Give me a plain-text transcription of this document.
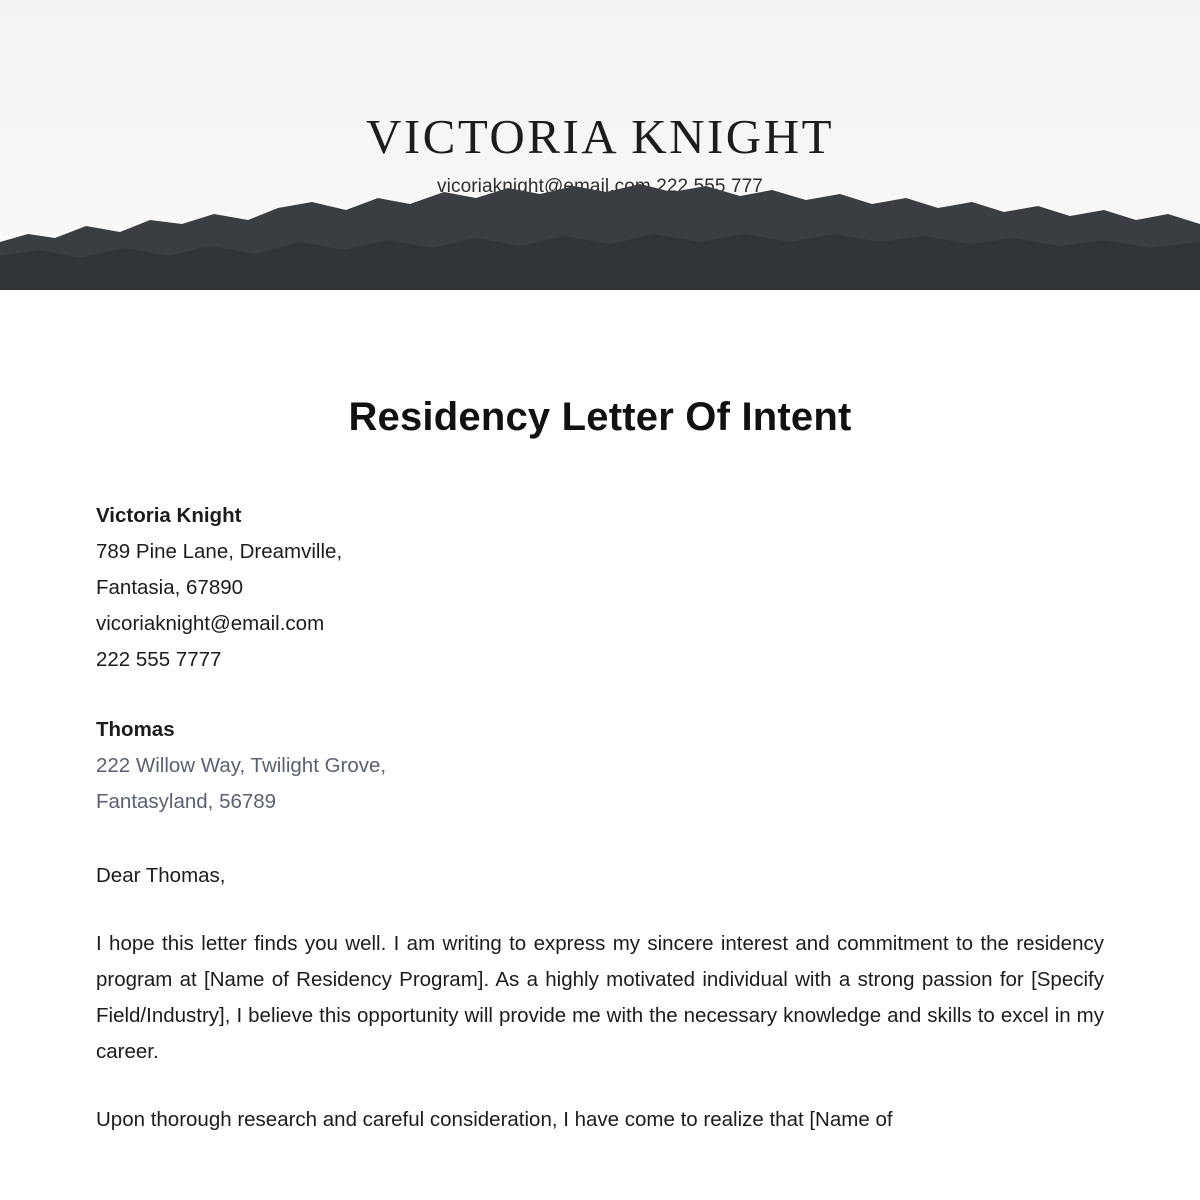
VICTORIA KNIGHT
vicoriaknight@email.com 222 555 777
Residency Letter Of Intent
Victoria Knight
789 Pine Lane, Dreamville,
Fantasia, 67890
vicoriaknight@email.com
222 555 7777
Thomas
222 Willow Way, Twilight Grove,
Fantasyland, 56789
Dear Thomas,

I hope this letter finds you well. I am writing to express my sincere interest and commitment to the residency program at [Name of Residency Program]. As a highly motivated individual with a strong passion for [Specify Field/Industry], I believe this opportunity will provide me with the necessary knowledge and skills to excel in my career.

Upon thorough research and careful consideration, I have come to realize that [Name of
